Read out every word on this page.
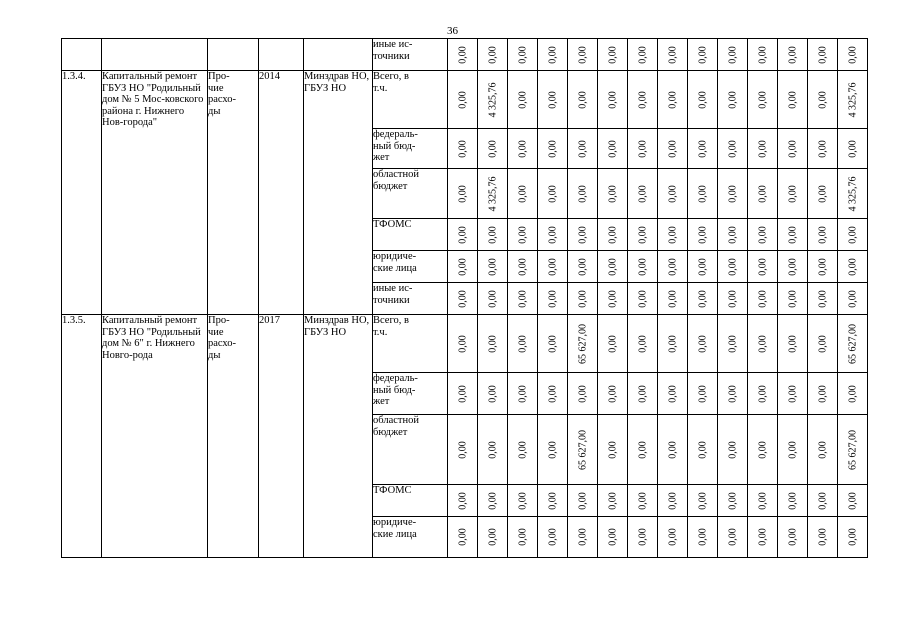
36
					иные ис-
точники	0,00	0,00	0,00	0,00	0,00	0,00	0,00	0,00	0,00	0,00	0,00	0,00	0,00	0,00

1.3.4.	Капитальный ремонт ГБУЗ НО "Родильный дом № 5 Мос-ковского района г. Нижнего Нов-города"	Про-
чие
расхо-
ды	2014	Минздрав НО, ГБУЗ НО	Всего, в
т.ч.	0,00	4 325,76	0,00	0,00	0,00	0,00	0,00	0,00	0,00	0,00	0,00	0,00	0,00	4 325,76

					федераль-
ный бюд-
жет	0,00	0,00	0,00	0,00	0,00	0,00	0,00	0,00	0,00	0,00	0,00	0,00	0,00	0,00

					областной
бюджет	0,00	4 325,76	0,00	0,00	0,00	0,00	0,00	0,00	0,00	0,00	0,00	0,00	0,00	4 325,76

					ТФОМС	0,00	0,00	0,00	0,00	0,00	0,00	0,00	0,00	0,00	0,00	0,00	0,00	0,00	0,00

					юридиче-
ские лица	0,00	0,00	0,00	0,00	0,00	0,00	0,00	0,00	0,00	0,00	0,00	0,00	0,00	0,00

					иные ис-
точники	0,00	0,00	0,00	0,00	0,00	0,00	0,00	0,00	0,00	0,00	0,00	0,00	0,00	0,00

1.3.5.	Капитальный ремонт ГБУЗ НО "Родильный дом № 6" г. Нижнего Новго-рода	Про-
чие
расхо-
ды	2017	Минздрав НО, ГБУЗ НО	Всего, в
т.ч.	0,00	0,00	0,00	0,00	65 627,00	0,00	0,00	0,00	0,00	0,00	0,00	0,00	0,00	65 627,00

					федераль-
ный бюд-
жет	0,00	0,00	0,00	0,00	0,00	0,00	0,00	0,00	0,00	0,00	0,00	0,00	0,00	0,00

					областной
бюджет	0,00	0,00	0,00	0,00	65 627,00	0,00	0,00	0,00	0,00	0,00	0,00	0,00	0,00	65 627,00

					ТФОМС	0,00	0,00	0,00	0,00	0,00	0,00	0,00	0,00	0,00	0,00	0,00	0,00	0,00	0,00

					юридиче-
ские лица	0,00	0,00	0,00	0,00	0,00	0,00	0,00	0,00	0,00	0,00	0,00	0,00	0,00	0,00
